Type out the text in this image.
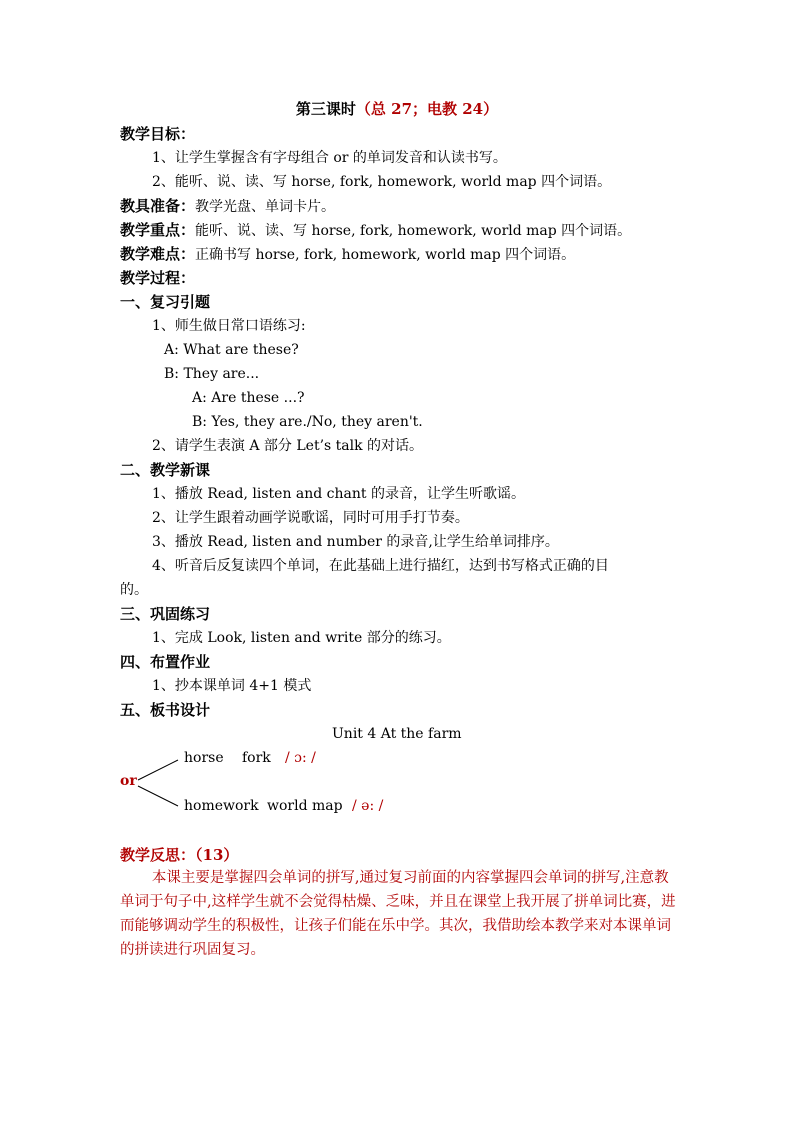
第三课时（总 27；电教 24）
教学目标：
1、让学生掌握含有字母组合 or 的单词发音和认读书写。
2、能听、说、读、写 horse, fork, homework, world map 四个词语。
教具准备：教学光盘、单词卡片。
教学重点：能听、说、读、写 horse, fork, homework, world map 四个词语。
教学难点：正确书写 horse, fork, homework, world map 四个词语。
教学过程：
一、复习引题
1、师生做日常口语练习:
A: What are these?
B: They are...
A: Are these ...?
B: Yes, they are./No, they aren't.
2、请学生表演 A 部分 Let’s talk 的对话。
二、教学新课
1、播放 Read, listen and chant 的录音，让学生听歌谣。
2、让学生跟着动画学说歌谣，同时可用手打节奏。
3、播放 Read, listen and number 的录音,让学生给单词排序。
4、听音后反复读四个单词，在此基础上进行描红，达到书写格式正确的目
的。
三、巩固练习
1、完成 Look, listen and write 部分的练习。
四、布置作业
1、抄本课单词 4+1 模式
五、板书设计
Unit 4 At the farm
or
horse fork / ɔ: /
homework world map / ə: /
教学反思：（13）
本课主要是掌握四会单词的拼写,通过复习前面的内容掌握四会单词的拼写,注意教单词于句子中,这样学生就不会觉得枯燥、乏味，并且在课堂上我开展了拼单词比赛，进而能够调动学生的积极性，让孩子们能在乐中学。其次，我借助绘本教学来对本课单词的拼读进行巩固复习。
